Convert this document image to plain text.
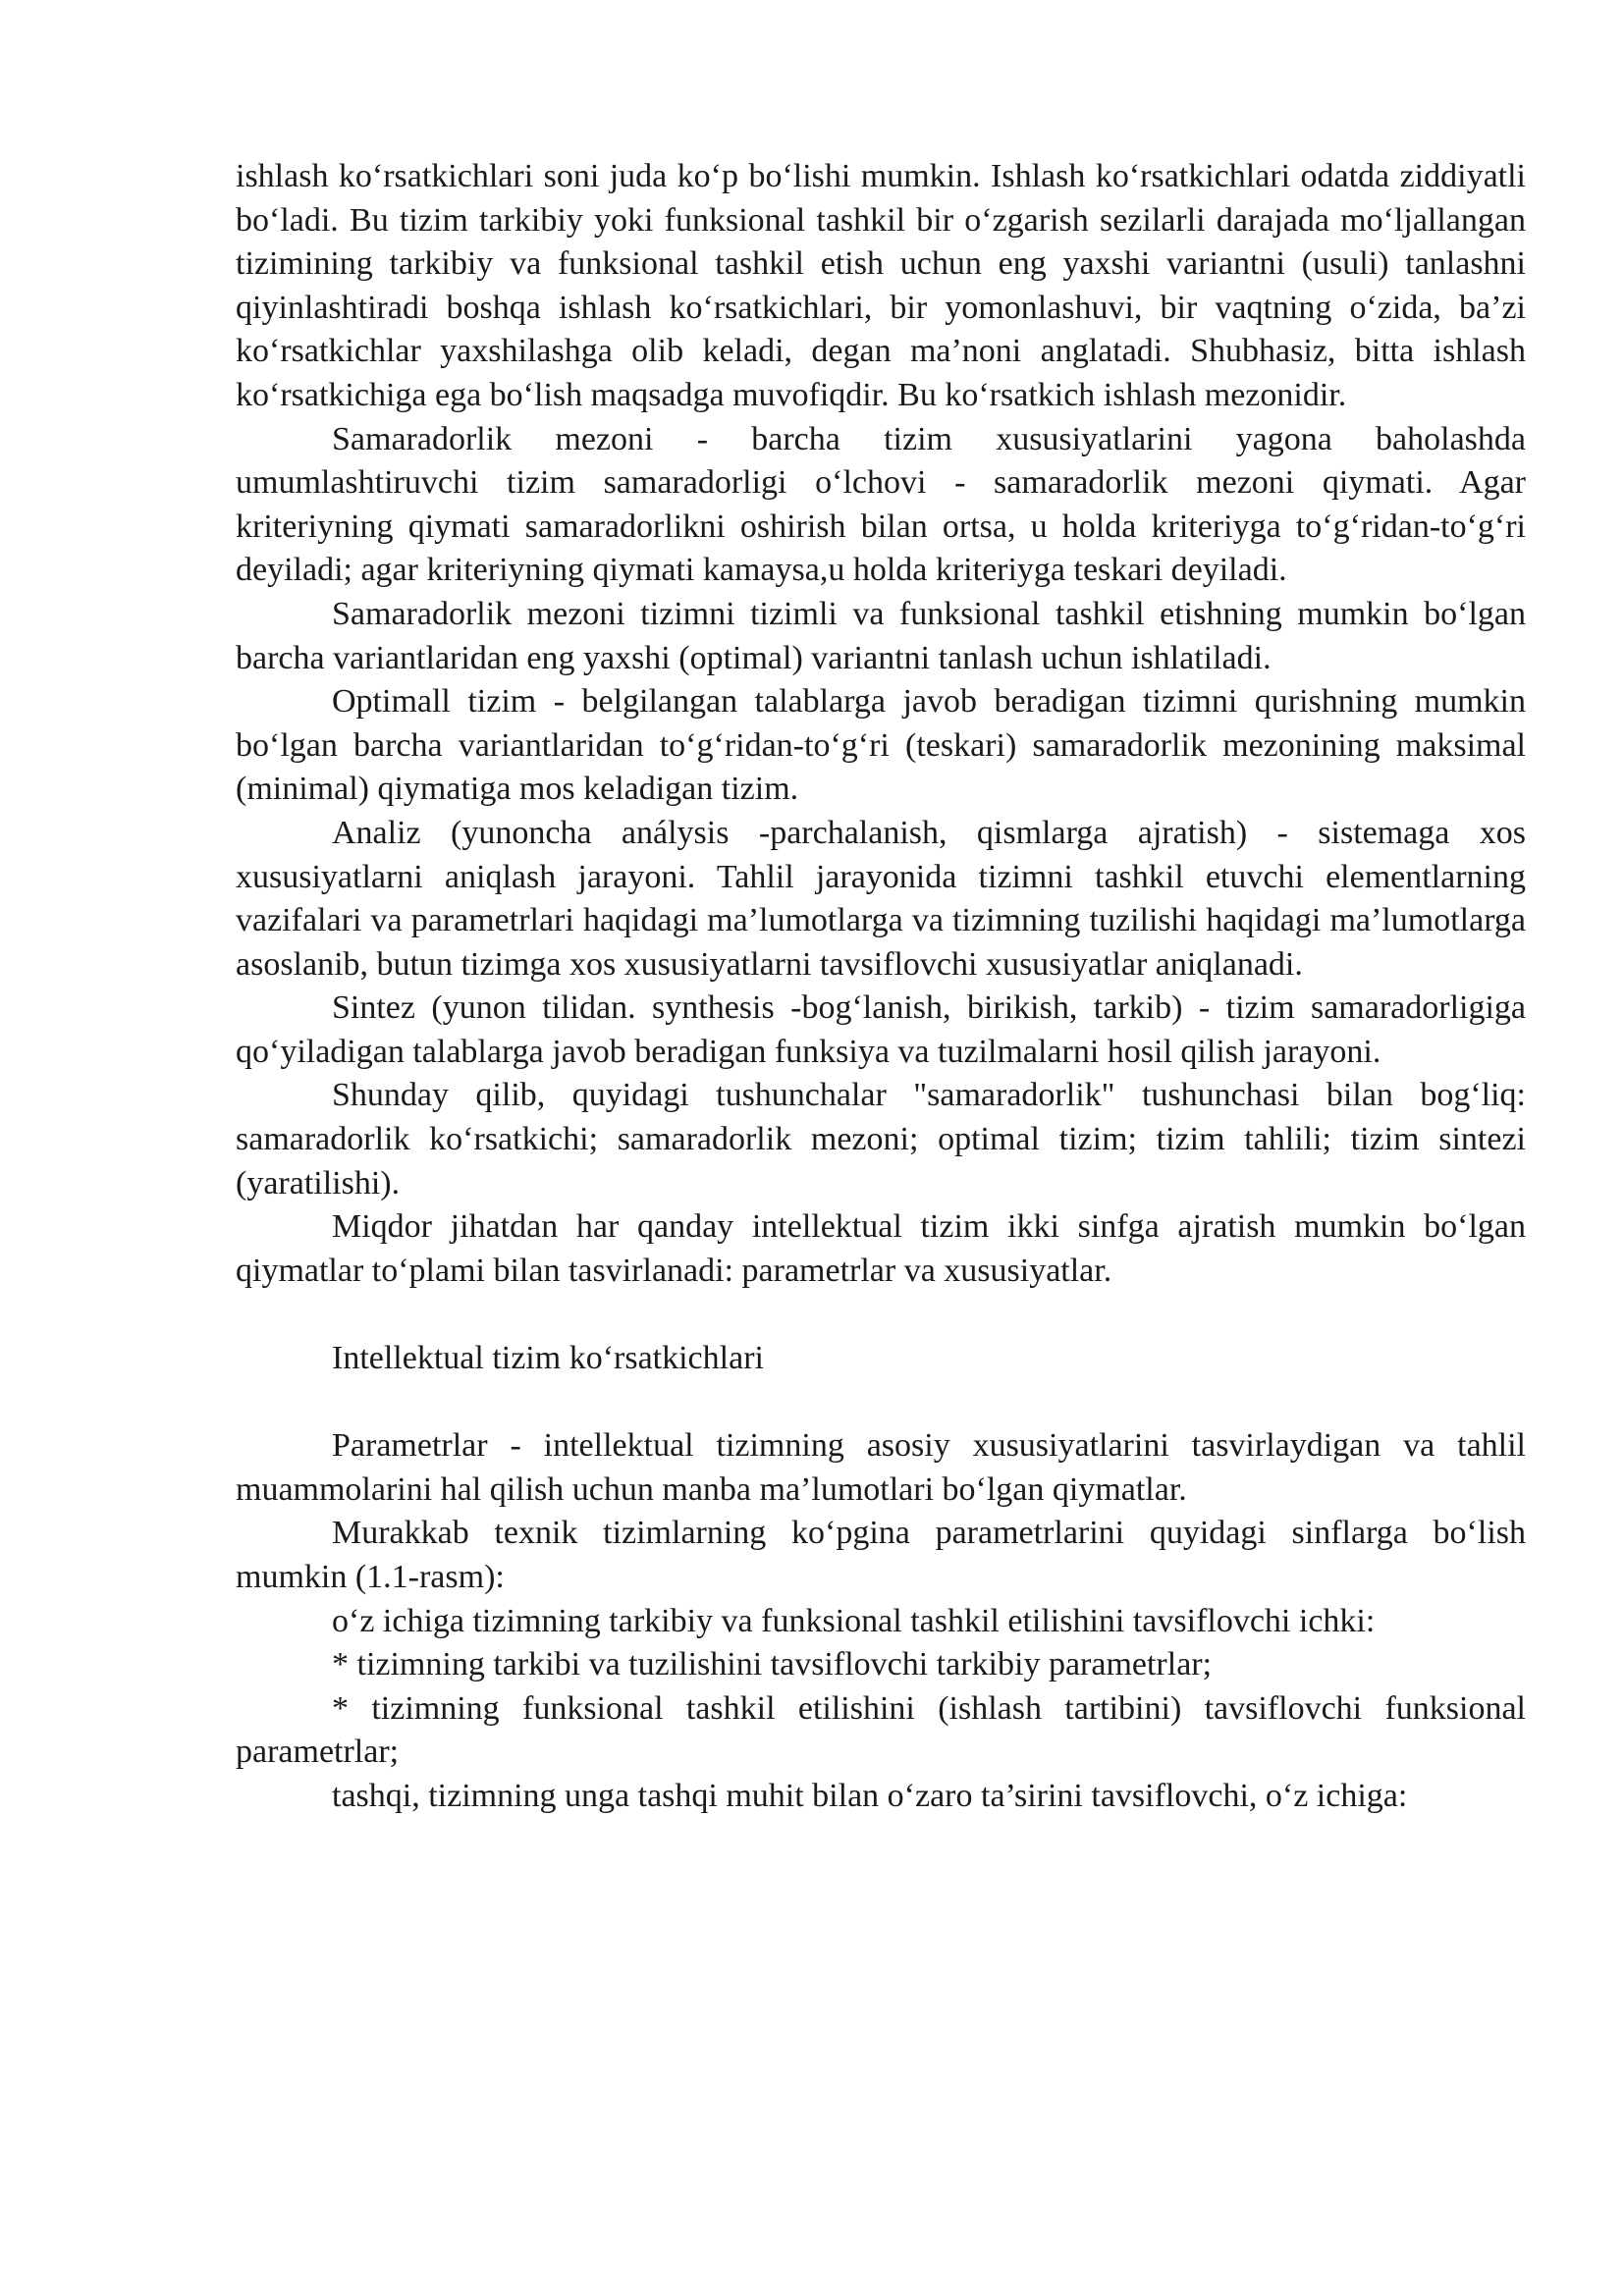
ishlash ko‘rsatkichlari soni juda ko‘p bo‘lishi mumkin. Ishlash ko‘rsatkichlari odatda ziddiyatli bo‘ladi. Bu tizim tarkibiy yoki funksional tashkil bir o‘zgarish sezilarli darajada mo‘ljallangan tizimining tarkibiy va funksional tashkil etish uchun eng yaxshi variantni (usuli) tanlashni qiyinlashtiradi boshqa ishlash ko‘rsatkichlari, bir yomonlashuvi, bir vaqtning o‘zida, ba’zi ko‘rsatkichlar yaxshilashga olib keladi, degan ma’noni anglatadi. Shubhasiz, bitta ishlash ko‘rsatkichiga ega bo‘lish maqsadga muvofiqdir. Bu ko‘rsatkich ishlash mezonidir.

Samaradorlik mezoni - barcha tizim xususiyatlarini yagona baholashda umumlashtiruvchi tizim samaradorligi o‘lchovi - samaradorlik mezoni qiymati. Agar kriteriyning qiymati samaradorlikni oshirish bilan ortsa, u holda kriteriyga to‘g‘ridan-to‘g‘ri deyiladi; agar kriteriyning qiymati kamaysa,u holda kriteriyga teskari deyiladi.

Samaradorlik mezoni tizimni tizimli va funksional tashkil etishning mumkin bo‘lgan barcha variantlaridan eng yaxshi (optimal) variantni tanlash uchun ishlatiladi.

Optimall tizim - belgilangan talablarga javob beradigan tizimni qurishning mumkin bo‘lgan barcha variantlaridan to‘g‘ridan-to‘g‘ri (teskari) samaradorlik mezonining maksimal (minimal) qiymatiga mos keladigan tizim.

Analiz (yunoncha análysis -parchalanish, qismlarga ajratish) - sistemaga xos xususiyatlarni aniqlash jarayoni. Tahlil jarayonida tizimni tashkil etuvchi elementlarning vazifalari va parametrlari haqidagi ma’lumotlarga va tizimning tuzilishi haqidagi ma’lumotlarga asoslanib, butun tizimga xos xususiyatlarni tavsiflovchi xususiyatlar aniqlanadi.

Sintez (yunon tilidan. synthesis -bog‘lanish, birikish, tarkib) - tizim samaradorligiga qo‘yiladigan talablarga javob beradigan funksiya va tuzilmalarni hosil qilish jarayoni.

Shunday qilib, quyidagi tushunchalar "samaradorlik" tushunchasi bilan bog‘liq: samaradorlik ko‘rsatkichi; samaradorlik mezoni; optimal tizim; tizim tahlili; tizim sintezi (yaratilishi).

Miqdor jihatdan har qanday intellektual tizim ikki sinfga ajratish mumkin bo‘lgan qiymatlar to‘plami bilan tasvirlanadi: parametrlar va xususiyatlar.

Intellektual tizim ko‘rsatkichlari

Parametrlar - intellektual tizimning asosiy xususiyatlarini tasvirlaydigan va tahlil muammolarini hal qilish uchun manba ma’lumotlari bo‘lgan qiymatlar.

Murakkab texnik tizimlarning ko‘pgina parametrlarini quyidagi sinflarga bo‘lish mumkin (1.1-rasm):

o‘z ichiga tizimning tarkibiy va funksional tashkil etilishini tavsiflovchi ichki:

* tizimning tarkibi va tuzilishini tavsiflovchi tarkibiy parametrlar;

* tizimning funksional tashkil etilishini (ishlash tartibini) tavsiflovchi funksional parametrlar;

tashqi, tizimning unga tashqi muhit bilan o‘zaro ta’sirini tavsiflovchi, o‘z ichiga:
